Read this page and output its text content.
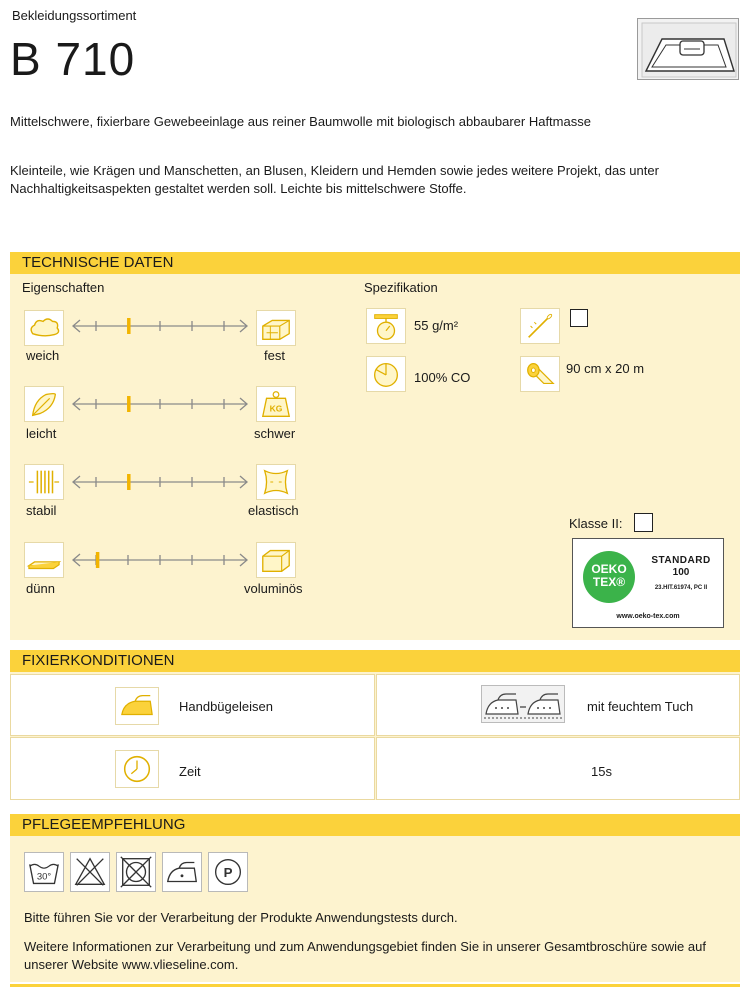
Bekleidungssortiment
B 710
Mittelschwere, fixierbare Gewebeeinlage aus reiner Baumwolle mit biologisch abbaubarer Haftmasse
Kleinteile, wie Krägen und Manschetten, an Blusen, Kleidern und Hemden sowie jedes weitere Projekt, das unter Nachhaltigkeitsaspekten gestaltet werden soll. Leichte bis mittelschwere Stoffe.
TECHNISCHE DATEN
Eigenschaften	Spezifikation
weich	fest
KG
leicht	schwer
stabil	elastisch
dünn	voluminös
55 g/m²
100% CO
90 cm x 20 m
Klasse II:
OEKO
TEX®
STANDARD
100
23.HIT.61974, PC II
www.oeko-tex.com
FIXIERKONDITIONEN
Handbügeleisen	mit feuchtem Tuch
Zeit	15s
PFLEGEEMPFEHLUNG
30°	P
Bitte führen Sie vor der Verarbeitung der Produkte Anwendungstests durch.
Weitere Informationen zur Verarbeitung und zum Anwendungsgebiet finden Sie in unserer Gesamtbroschüre sowie auf unserer Website www.vlieseline.com.
